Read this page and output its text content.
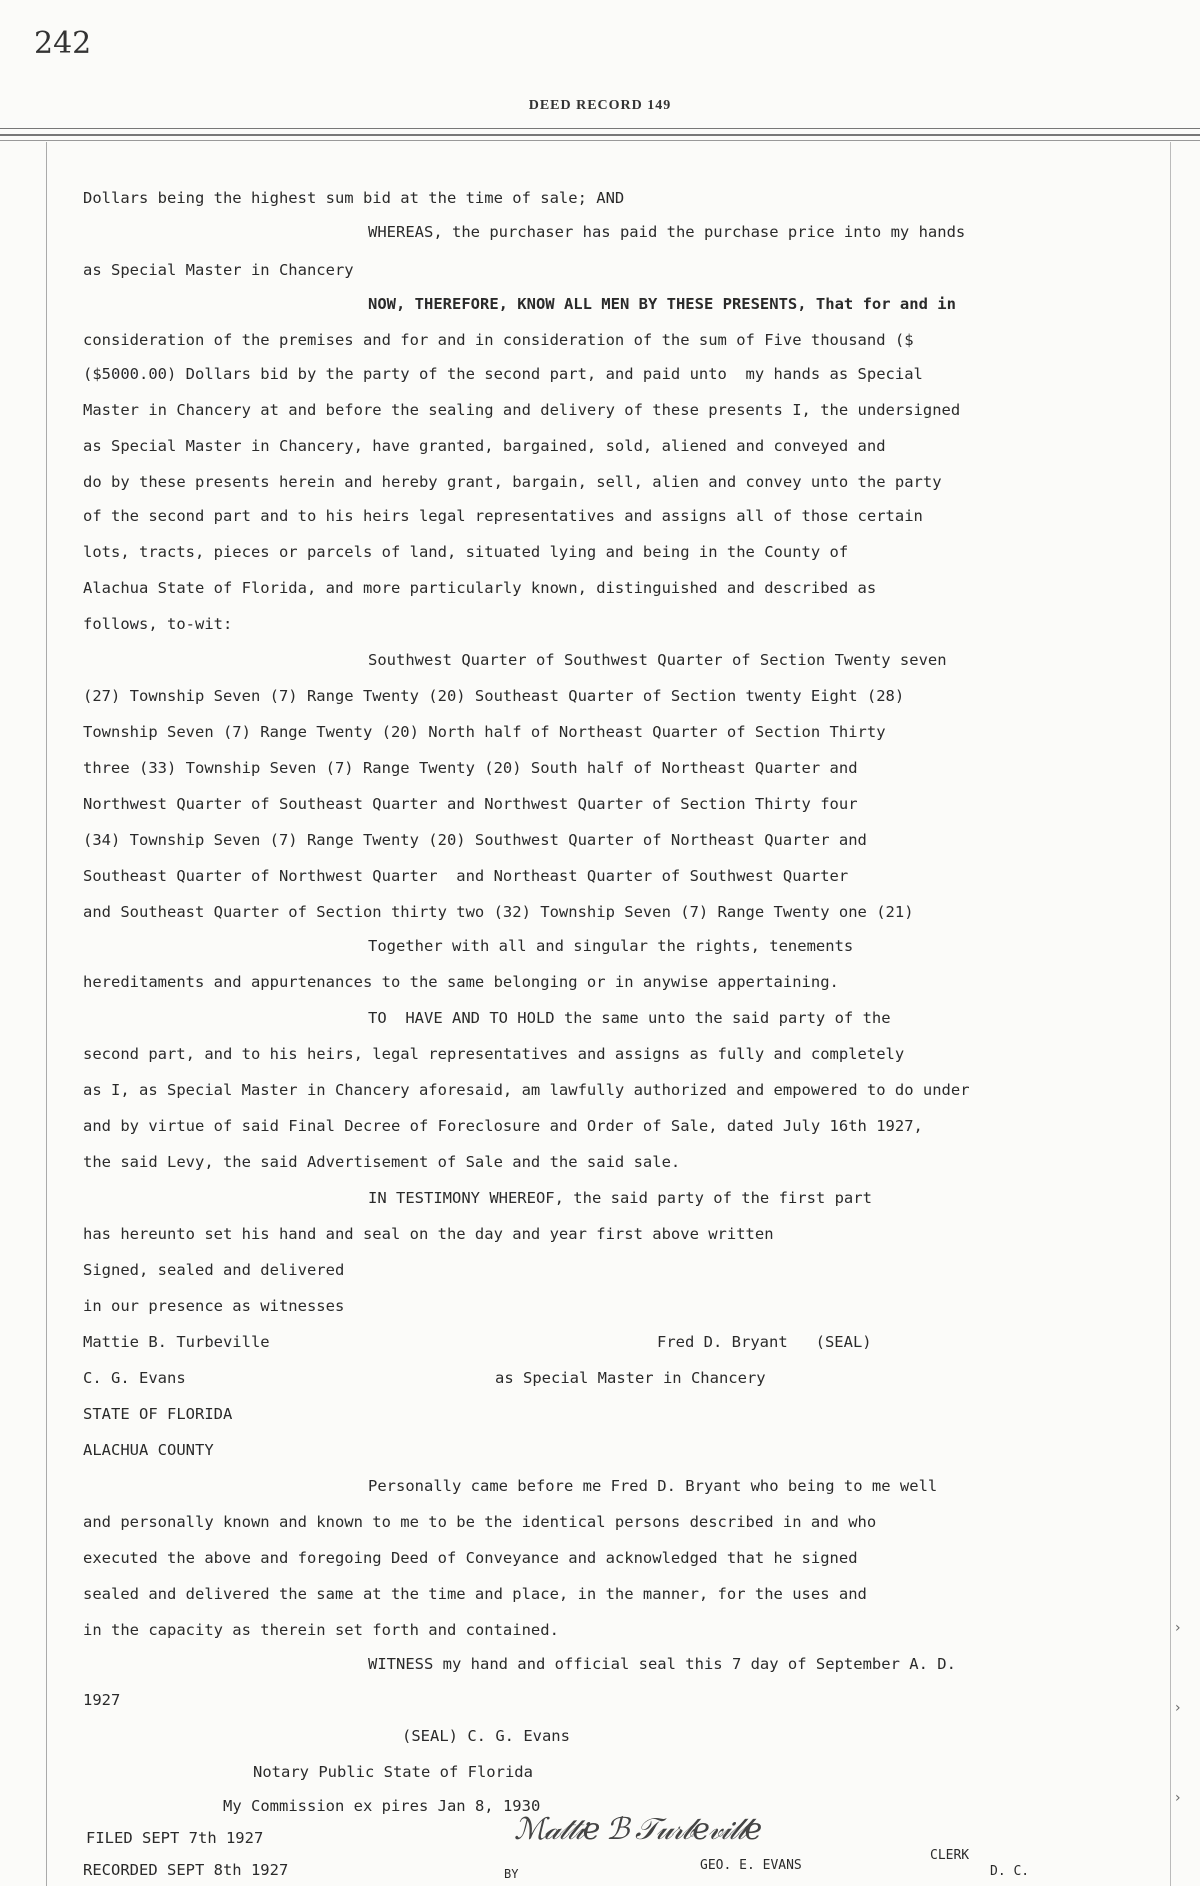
242
DEED RECORD 149
Dollars being the highest sum bid at the time of sale; AND
WHEREAS, the purchaser has paid the purchase price into my hands
as Special Master in Chancery
NOW, THEREFORE, KNOW ALL MEN BY THESE PRESENTS, That for and in
consideration of the premises and for and in consideration of the sum of Five thousand ($
($5000.00) Dollars bid by the party of the second part, and paid unto  my hands as Special
Master in Chancery at and before the sealing and delivery of these presents I, the undersigned
as Special Master in Chancery, have granted, bargained, sold, aliened and conveyed and
do by these presents herein and hereby grant, bargain, sell, alien and convey unto the party
of the second part and to his heirs legal representatives and assigns all of those certain
lots, tracts, pieces or parcels of land, situated lying and being in the County of
Alachua State of Florida, and more particularly known, distinguished and described as
follows, to-wit:
Southwest Quarter of Southwest Quarter of Section Twenty seven
(27) Township Seven (7) Range Twenty (20) Southeast Quarter of Section twenty Eight (28)
Township Seven (7) Range Twenty (20) North half of Northeast Quarter of Section Thirty
three (33) Township Seven (7) Range Twenty (20) South half of Northeast Quarter and
Northwest Quarter of Southeast Quarter and Northwest Quarter of Section Thirty four
(34) Township Seven (7) Range Twenty (20) Southwest Quarter of Northeast Quarter and
Southeast Quarter of Northwest Quarter  and Northeast Quarter of Southwest Quarter
and Southeast Quarter of Section thirty two (32) Township Seven (7) Range Twenty one (21)
Together with all and singular the rights, tenements
hereditaments and appurtenances to the same belonging or in anywise appertaining.
TO  HAVE AND TO HOLD the same unto the said party of the
second part, and to his heirs, legal representatives and assigns as fully and completely
as I, as Special Master in Chancery aforesaid, am lawfully authorized and empowered to do under
and by virtue of said Final Decree of Foreclosure and Order of Sale, dated July 16th 1927,
the said Levy, the said Advertisement of Sale and the said sale.
IN TESTIMONY WHEREOF, the said party of the first part
has hereunto set his hand and seal on the day and year first above written
Signed, sealed and delivered
in our presence as witnesses
Mattie B. Turbeville	Fred D. Bryant   (SEAL)
C. G. Evans	as Special Master in Chancery
STATE OF FLORIDA
ALACHUA COUNTY
Personally came before me Fred D. Bryant who being to me well
and personally known and known to me to be the identical persons described in and who
executed the above and foregoing Deed of Conveyance and acknowledged that he signed
sealed and delivered the same at the time and place, in the manner, for the uses and
in the capacity as therein set forth and contained.
WITNESS my hand and official seal this 7 day of September A. D.
1927
(SEAL) C. G. Evans
Notary Public State of Florida
My Commission ex pires Jan 8, 1930
FILED SEPT 7th 1927
RECORDED SEPT 8th 1927	BY
ℳ𝒶𝓉𝓉𝒾𝑒 ℬ 𝒯𝓊𝓇𝒷𝑒𝓋𝒾𝓁𝓁𝑒
GEO. E. EVANS
CLERK
D. C.
›
›
›
